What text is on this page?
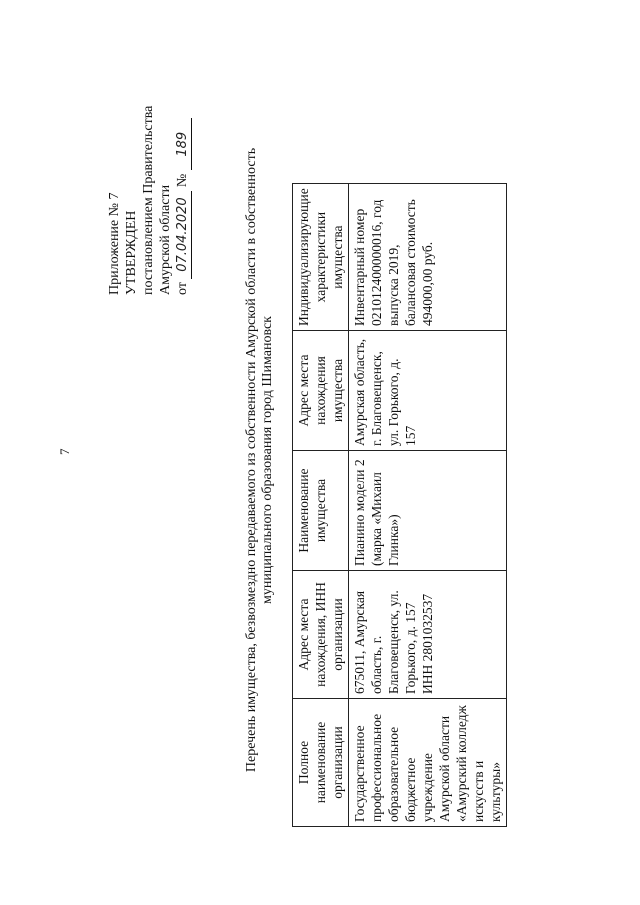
7
Приложение № 7 УТВЕРЖДЕН постановлением Правительства Амурской области от 07.04.2020 № 189
Перечень имущества, безвозмездно передаваемого из собственности Амурской области в собственность муниципального образования город Шимановск
Полное наименование организации	Адрес места нахождения, ИНН организации	Наименование имущества	Адрес места нахождения имущества	Индивидуализирующие характеристики имущества
Государственное профессиональное образовательное бюджетное учреждение Амурской области «Амурский колледж искусств и культуры»	675011, Амурская область, г. Благовещенск, ул. Горького, д. 157 ИНН 2801032537	Пианино модели 2 (марка «Михаил Глинка»)	Амурская область, г. Благовещенск, ул. Горького, д. 157	Инвентарный номер 021012400000016, год выпуска 2019, балансовая стоимость 494000,00 руб.
